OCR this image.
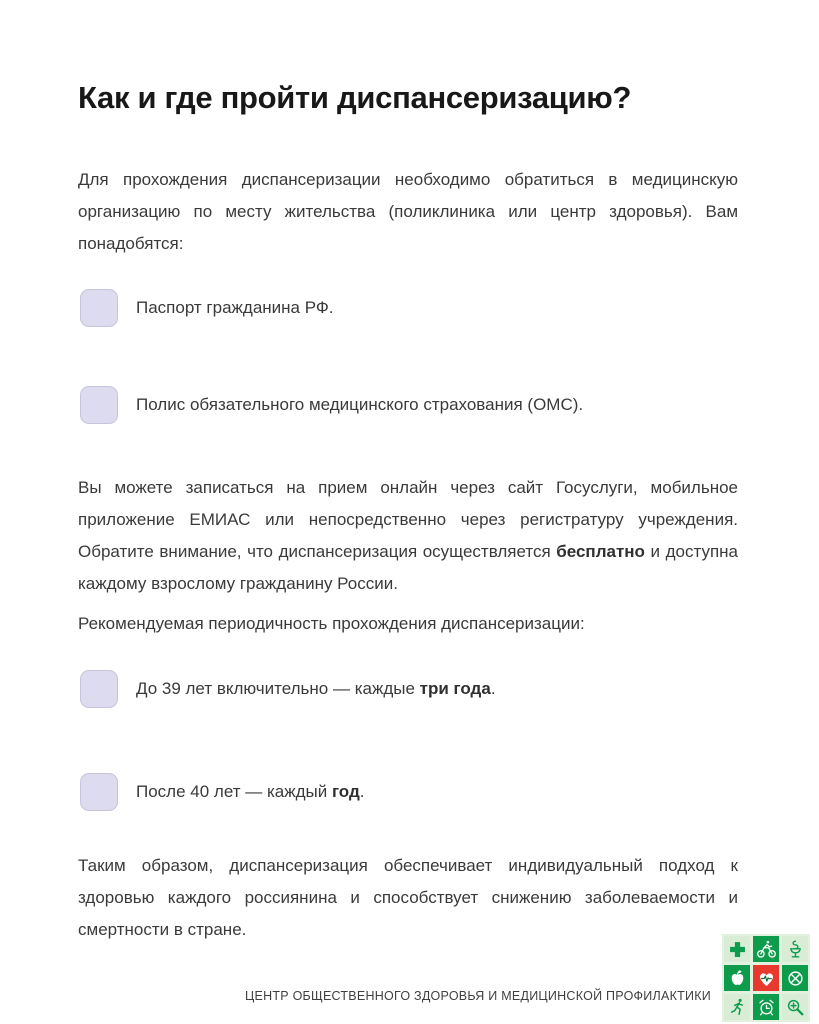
Как и где пройти диспансеризацию?

Для прохождения диспансеризации необходимо обратиться в медицинскую организацию по месту жительства (поликлиника или центр здоровья). Вам понадобятся:

Паспорт гражданина РФ.
Полис обязательного медицинского страхования (ОМС).

Вы можете записаться на прием онлайн через сайт Госуслуги, мобильное приложение ЕМИАС или непосредственно через регистратуру учреждения. Обратите внимание, что диспансеризация осуществляется бесплатно и доступна каждому взрослому гражданину России.

Рекомендуемая периодичность прохождения диспансеризации:

До 39 лет включительно — каждые три года.
После 40 лет — каждый год.

Таким образом, диспансеризация обеспечивает индивидуальный подход к здоровью каждого россиянина и способствует снижению заболеваемости и смертности в стране.

ЦЕНТР ОБЩЕСТВЕННОГО ЗДОРОВЬЯ И МЕДИЦИНСКОЙ ПРОФИЛАКТИКИ
